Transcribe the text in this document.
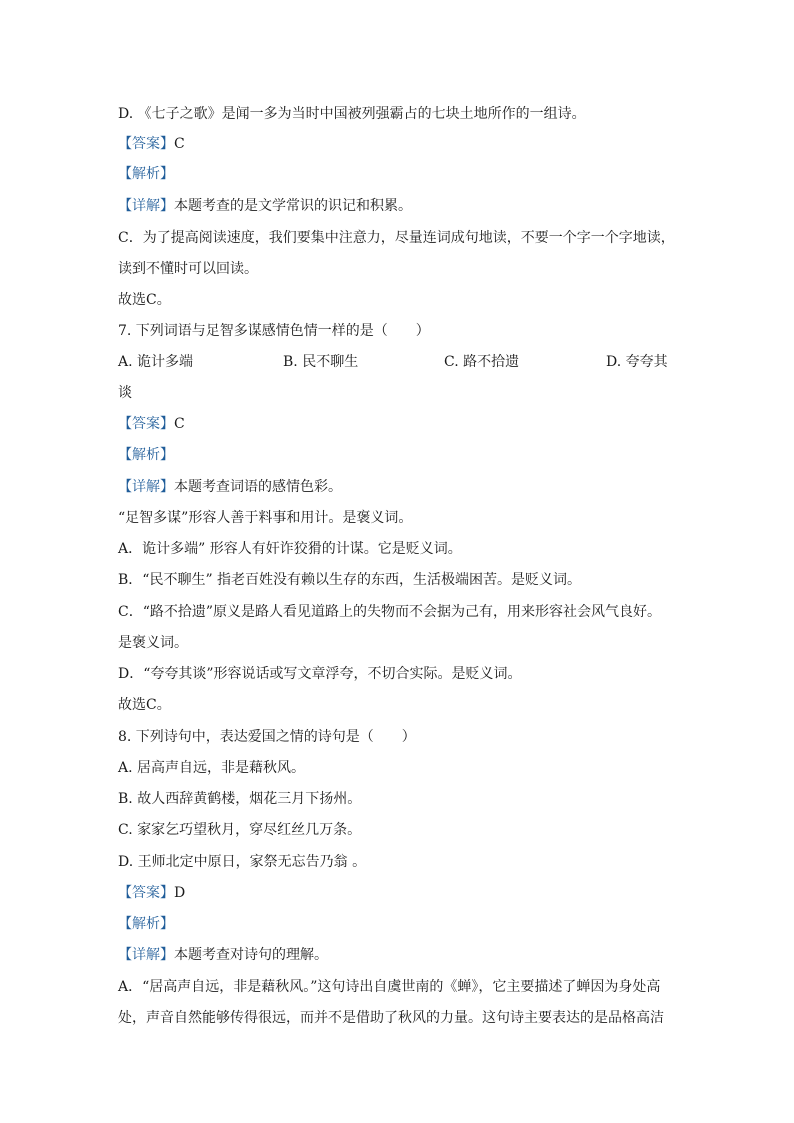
D. 《七子之歌》是闻一多为当时中国被列强霸占的七块土地所作的一组诗。
【答案】C
【解析】
【详解】本题考查的是文学常识的识记和积累。
C．为了提高阅读速度，我们要集中注意力，尽量连词成句地读，不要一个字一个字地读，
读到不懂时可以回读。
故选C。
7. 下列词语与足智多谋感情色情一样的是（　　）
A. 诡计多端	B. 民不聊生	C. 路不拾遗	D. 夸夸其
谈
【答案】C
【解析】
【详解】本题考查词语的感情色彩。
“足智多谋”形容人善于料事和用计。是褒义词。
A．诡计多端” 形容人有奸诈狡猾的计谋。它是贬义词。
B．“民不聊生” 指老百姓没有赖以生存的东西，生活极端困苦。是贬义词。
C．“路不拾遗”原义是路人看见道路上的失物而不会据为己有，用来形容社会风气良好。
是褒义词。
D．“夸夸其谈”形容说话或写文章浮夸，不切合实际。是贬义词。
故选C。
8. 下列诗句中，表达爱国之情的诗句是（　　）
A. 居高声自远，非是藉秋风。
B. 故人西辞黄鹤楼，烟花三月下扬州。
C. 家家乞巧望秋月，穿尽红丝几万条。
D. 王师北定中原日，家祭无忘告乃翁 。
【答案】D
【解析】
【详解】本题考查对诗句的理解。
A．“居高声自远，非是藉秋风。”这句诗出自虞世南的《蝉》，它主要描述了蝉因为身处高
处，声音自然能够传得很远，而并不是借助了秋风的力量。这句诗主要表达的是品格高洁
